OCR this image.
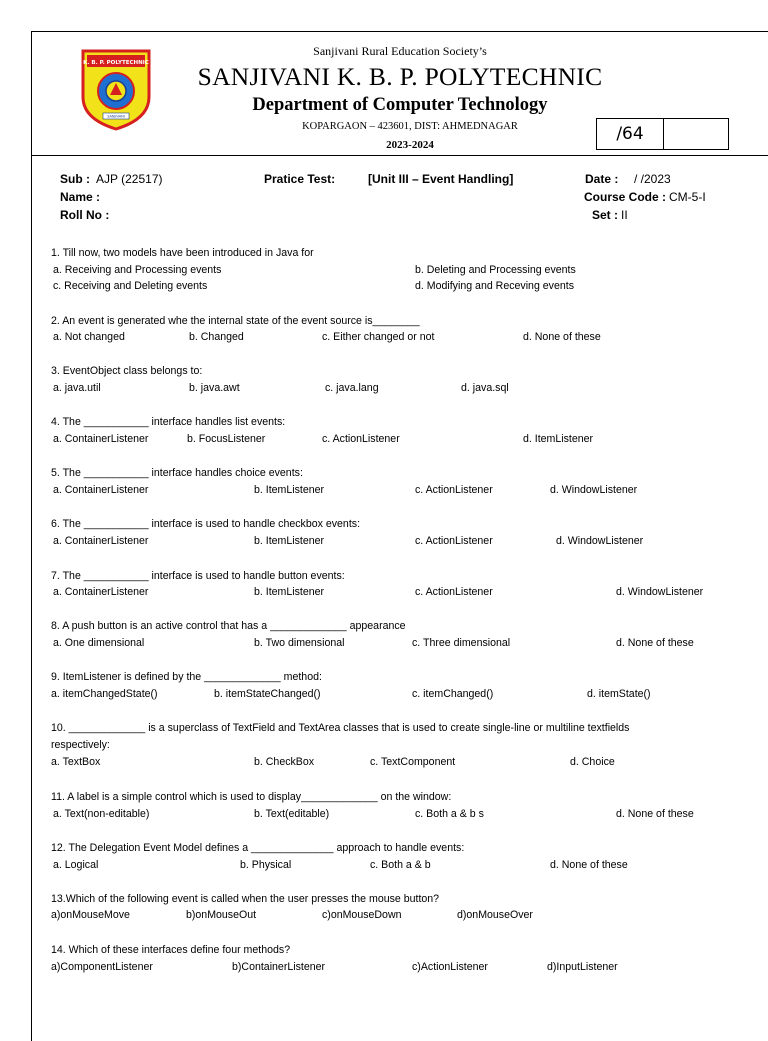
K. B. P. POLYTECHNIC
SANJIVANI
Sanjivani Rural Education Society’s
SANJIVANI K. B. P. POLYTECHNIC
Department of Computer Technology
KOPARGAON – 423601, DIST: AHMEDNAGAR
2023-2024
/64
Sub : AJP (22517)	Pratice Test:	[Unit III – Event Handling]	Date : / /2023
Name :	Course Code : CM-5-I
Roll No :	Set : II
1. Till now, two models have been introduced in Java for
a. Receiving and Processing events	b. Deleting and Processing events
c. Receiving and Deleting events	d. Modifying and Receving events
2. An event is generated whe the internal state of the event source is________
a. Not changed	b. Changed	c. Either changed or not	d. None of these
3. EventObject class belongs to:
a. java.util	b. java.awt	c. java.lang	d. java.sql
4. The ___________ interface handles list events:
a. ContainerListener	b. FocusListener	c. ActionListener	d. ItemListener
5. The ___________ interface handles choice events:
a. ContainerListener	b. ItemListener	c. ActionListener	d. WindowListener
6. The ___________ interface is used to handle checkbox events:
a. ContainerListener	b. ItemListener	c. ActionListener	d. WindowListener
7. The ___________ interface is used to handle button events:
a. ContainerListener	b. ItemListener	c. ActionListener	d. WindowListener
8. A push button is an active control that has a _____________ appearance
a. One dimensional	b. Two dimensional	c. Three dimensional	d. None of these
9. ItemListener is defined by the _____________ method:
a. itemChangedState()	b. itemStateChanged()	c. itemChanged()	d. itemState()
10. _____________ is a superclass of TextField and TextArea classes that is used to create single-line or multiline textfields
respectively:
a. TextBox	b. CheckBox	c. TextComponent	d. Choice
11. A label is a simple control which is used to display_____________ on the window:
a. Text(non-editable)	b. Text(editable)	c. Both a & b s	d. None of these
12. The Delegation Event Model defines a ______________ approach to handle events:
a. Logical	b. Physical	c. Both a & b	d. None of these
13.Which of the following event is called when the user presses the mouse button?
a)onMouseMove	b)onMouseOut	c)onMouseDown	d)onMouseOver
14. Which of these interfaces define four methods?
a)ComponentListener	b)ContainerListener	c)ActionListener	d)InputListener
